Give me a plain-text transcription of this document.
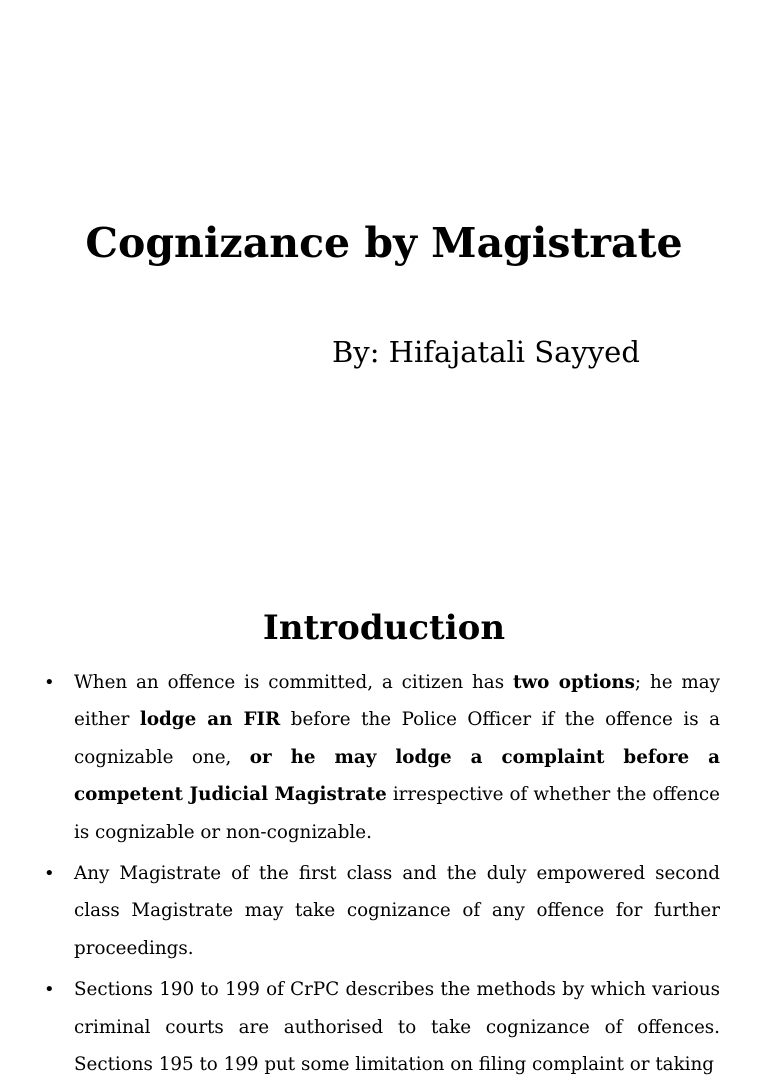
Cognizance by Magistrate

By: Hifajatali Sayyed

Introduction
• When an offence is committed, a citizen has two options; he may either lodge an FIR before the Police Officer if the offence is a cognizable one, or he may lodge a complaint before a competent Judicial Magistrate irrespective of whether the offence is cognizable or non-cognizable.
• Any Magistrate of the first class and the duly empowered second class Magistrate may take cognizance of any offence for further proceedings.
• Sections 190 to 199 of CrPC describes the methods by which various criminal courts are authorised to take cognizance of offences. Sections 195 to 199 put some limitation on filing complaint or taking
